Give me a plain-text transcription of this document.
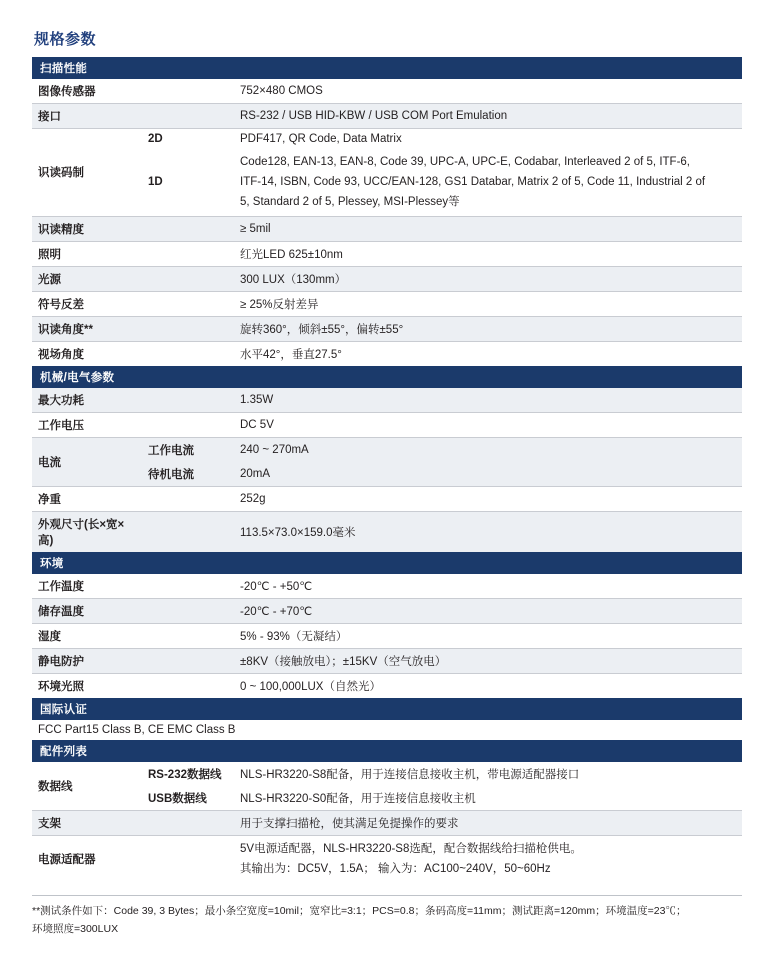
规格参数
扫描性能		
图像传感器		752×480 CMOS

接口		RS-232 / USB HID-KBW / USB COM Port Emulation

识读码制	2D	PDF417, QR Code, Data Matrix
	1D	Code128, EAN-13, EAN-8, Code 39, UPC-A, UPC-E, Codabar, Interleaved 2 of 5, ITF-6,
ITF-14, ISBN, Code 93, UCC/EAN-128, GS1 Databar, Matrix 2 of 5, Code 11, Industrial 2 of
5, Standard 2 of 5, Plessey, MSI-Plessey等

识读精度		≥ 5mil

照明		红光LED 625±10nm

光源		300 LUX（130mm）

符号反差		≥ 25%反射差异

识读角度**		旋转360°，倾斜±55°，偏转±55°

视场角度		水平42°，垂直27.5°
机械/电气参数		
最大功耗		1.35W

工作电压		DC 5V

电流	工作电流	240 ~ 270mA
	待机电流	20mA

净重		252g

外观尺寸(长×宽×高)		113.5×73.0×159.0毫米
环境		
工作温度		-20℃ - +50℃

储存温度		-20℃ - +70℃

湿度		5% - 93%（无凝结）

静电防护		±8KV（接触放电）；±15KV（空气放电）

环境光照		0 ~ 100,000LUX（自然光）
国际认证		
FCC Part15 Class B, CE EMC Class B		
配件列表		
数据线	RS-232数据线	NLS-HR3220-S8配备，用于连接信息接收主机，带电源适配器接口
	USB数据线	NLS-HR3220-S0配备，用于连接信息接收主机

支架		用于支撑扫描枪，使其满足免提操作的要求

电源适配器		5V电源适配器，NLS-HR3220-S8选配，配合数据线给扫描枪供电。
其输出为：DC5V，1.5A； 输入为：AC100~240V，50~60Hz
**测试条件如下：Code 39, 3 Bytes；最小条空宽度=10mil；宽窄比=3:1；PCS=0.8；条码高度=11mm；测试距离=120mm；环境温度=23℃；
环境照度=300LUX
